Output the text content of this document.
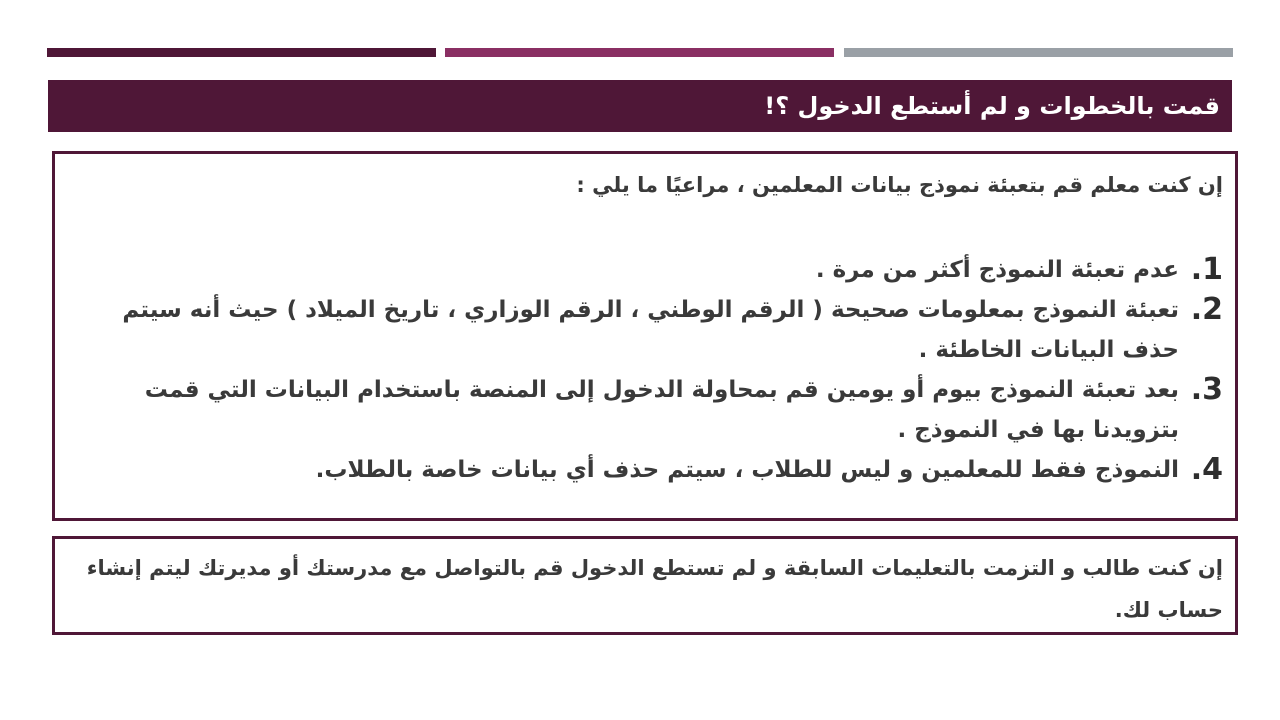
قمت بالخطوات و لم أستطع الدخول ؟!

إن كنت معلم قم بتعبئة نموذج بيانات المعلمين ، مراعيًا ما يلي :

1.
عدم تعبئة النموذج أكثر من مرة .
2.
تعبئة النموذج بمعلومات صحيحة ( الرقم الوطني ، الرقم الوزاري ، تاريخ الميلاد ) حيث أنه سيتم حذف البيانات الخاطئة .
3.
بعد تعبئة النموذج بيوم أو يومين قم بمحاولة الدخول إلى المنصة باستخدام البيانات التي قمت بتزويدنا بها في النموذج .
4.
النموذج فقط للمعلمين و ليس للطلاب ، سيتم حذف أي بيانات خاصة بالطلاب.

إن كنت طالب و التزمت بالتعليمات السابقة و لم تستطع الدخول قم بالتواصل مع مدرستك أو مديرتك ليتم إنشاء حساب لك.
